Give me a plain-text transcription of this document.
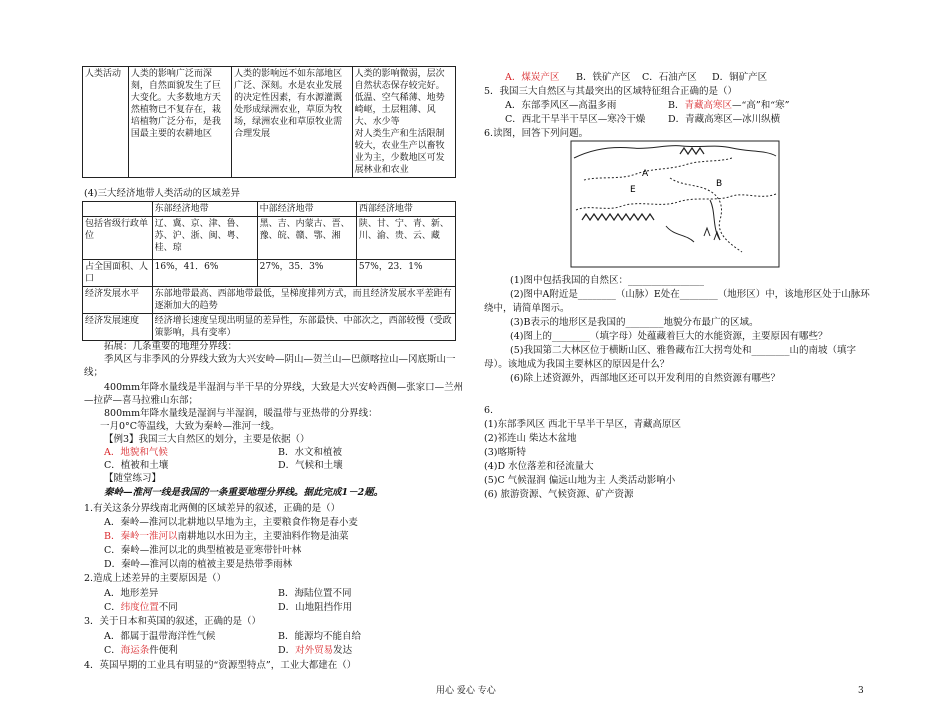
人类活动	人类的影响广泛而深刻，自然面貌发生了巨大变化。大多数地方天然植物已不复存在，栽培植物广泛分布，是我国最主要的农耕地区	人类的影响远不如东部地区广泛、深刻。水是农业发展的决定性因素，有水源灌溉处形成绿洲农业，草原为牧场，绿洲农业和草原牧业需合理发展	人类的影响微弱，层次自然状态保存较完好。低温、空气稀薄、地势崎岖，土层粗薄、风大、水少等
对人类生产和生活限制较大，农业生产以畜牧业为主，少数地区可发展林业和农业
(4)三大经济地带人类活动的区域差异
	东部经济地带	中部经济地带	西部经济地带
包括省级行政单位	辽、冀、京、津、鲁、苏、沪、浙、闽、粤、桂、琼	黑、吉、内蒙古、晋、豫、皖、赣、鄂、湘	陕、甘、宁、青、新、川、渝、贵、云、藏
占全国面积、人口	16%，41．6%	27%，35．3%	57%，23．1%
经济发展水平	东部地带最高、西部地带最低，呈梯度排列方式，而且经济发展水平差距有逐渐加大的趋势		
经济发展速度	经济增长速度呈现出明显的差异性，东部最快、中部次之，西部较慢（受政策影响，具有变率）		
拓展：几条重要的地理分界线：
季风区与非季风的分界线大致为大兴安岭—阴山—贺兰山—巴颜喀拉山—冈底斯山一
线；
400mm年降水量线是半湿润与半干旱的分界线，大致是大兴安岭西侧—张家口—兰州
—拉萨—喜马拉雅山东部；
800mm年降水量线是湿润与半湿润，暖温带与亚热带的分界线：
一月0°C等温线，大致为秦岭—淮河一线。
【例3】我国三大自然区的划分，主要是依据（）
A．地貌和气候	B．水文和植被
C．植被和土壤	D．气候和土壤
【随堂练习】
秦岭—淮河一线是我国的一条重要地理分界线。据此完成1－2题。
1.有关这条分界线南北两侧的区域差异的叙述，正确的是（）
A．秦岭—淮河以北耕地以旱地为主，主要粮食作物是春小麦
B．秦岭一淮河以南耕地以水田为主，主要油料作物是油菜
C．秦岭—淮河以北的典型植被是亚寒带针叶林
D．秦岭—淮河以南的植被主要是热带季雨林
2.造成上述差异的主要原因是（）
A．地形差异	B．海陆位置不同
C．纬度位置不同	D．山地阻挡作用
3．关于日本和英国的叙述，正确的是（）
A．都属于温带海洋性气候	B．能源均不能自给
C．海运条件便利	D．对外贸易发达
4．英国早期的工业具有明显的“资源型特点”，工业大都建在（）
A．煤炭产区 B．铁矿产区 C．石油产区 D．铜矿产区
5．我国三大自然区与其最突出的区域特征组合正确的是（）
A．东部季风区—高温多雨	B．青藏高寒区—“高”和“寒”
C．西北干旱半干旱区—寒冷干燥 D．青藏高寒区—冰川纵横
6.读图，回答下列问题。
A
E
B
(1)图中包括我国的自然区：________________
(2)图中A附近是________（山脉）E处在________（地形区）中，该地形区处于山脉环
绕中，请简单图示。
(3)B表示的地形区是我国的________地貌分布最广的区域。
(4)图上的________（填字母）处蕴藏着巨大的水能资源，主要原因有哪些？
(5)我国第二大林区位于横断山区、雅鲁藏布江大拐弯处和________山的南坡（填字
母）。该地成为我国主要林区的原因是什么？
(6)除上述资源外，西部地区还可以开发利用的自然资源有哪些？
6.
(1)东部季风区 西北干旱半干旱区，青藏高原区
(2)祁连山 柴达木盆地
(3)喀斯特
(4)D 水位落差和径流量大
(5)C 气候湿润 偏远山地为主 人类活动影响小
(6) 旅游资源、气候资源、矿产资源
用心 爱心 专心	3
